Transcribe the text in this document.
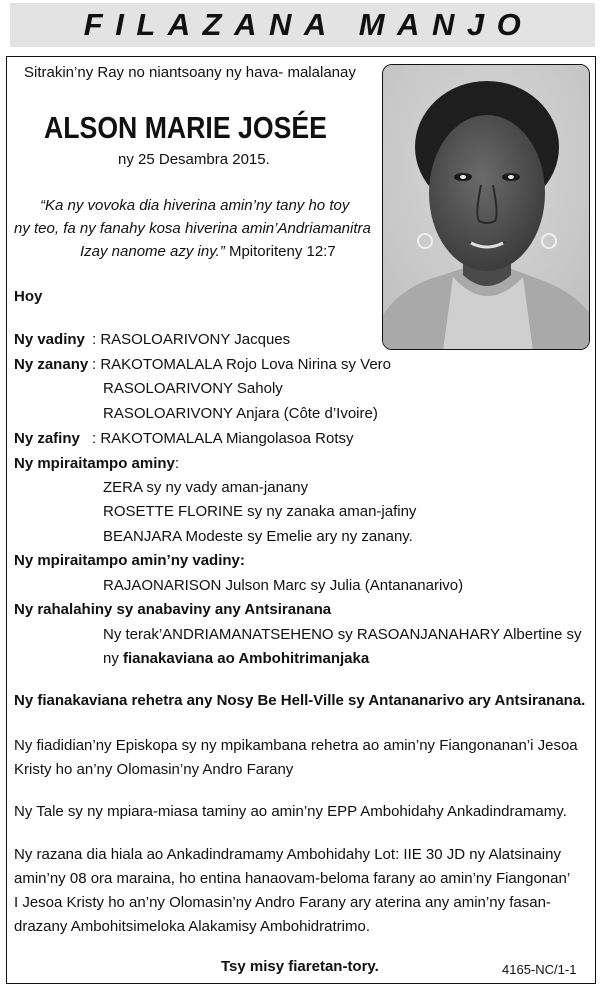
FILAZANA MANJO
Sitrakin’ny Ray no niantsoany ny hava- malalanay
ALSON MARIE JOSÉE
ny 25 Desambra 2015.
“Ka ny vovoka dia hiverina amin’ny tany ho toy
ny teo, fa ny fanahy kosa hiverina amin’Andriamanitra
Izay nanome azy iny.” Mpitoriteny 12:7
Hoy
Ny vadiny : RASOLOARIVONY Jacques
Ny zanany : RAKOTOMALALA Rojo Lova Nirina sy Vero
RASOLOARIVONY Saholy
RASOLOARIVONY Anjara (Côte d’Ivoire)
Ny zafiny : RAKOTOMALALA Miangolasoa Rotsy
Ny mpiraitampo aminy:
ZERA sy ny vady aman-janany
ROSETTE FLORINE sy ny zanaka aman-jafiny
BEANJARA Modeste sy Emelie ary ny zanany.
Ny mpiraitampo amin’ny vadiny:
RAJAONARISON Julson Marc sy Julia (Antananarivo)
Ny rahalahiny sy anabaviny any Antsiranana
Ny terak’ANDRIAMANATSEHENO sy RASOANJANAHARY Albertine sy
ny fianakaviana ao Ambohitrimanjaka
Ny fianakaviana rehetra any Nosy Be Hell-Ville sy Antananarivo ary Antsiranana.
Ny fiadidian’ny Episkopa sy ny mpikambana rehetra ao amin’ny Fiangonanan’i Jesoa
Kristy ho an’ny Olomasin’ny Andro Farany
Ny Tale sy ny mpiara-miasa taminy ao amin’ny EPP Ambohidahy Ankadindramamy.
Ny razana dia hiala ao Ankadindramamy Ambohidahy Lot: IIE 30 JD ny Alatsinainy
amin’ny 08 ora maraina, ho entina hanaovam-beloma farany ao amin’ny Fiangonan’
I Jesoa Kristy ho an’ny Olomasin’ny Andro Farany ary aterina any amin’ny fasan-
drazany Ambohitsimeloka Alakamisy Ambohidratrimo.
Tsy misy fiaretan-tory.	4165-NC/1-1
